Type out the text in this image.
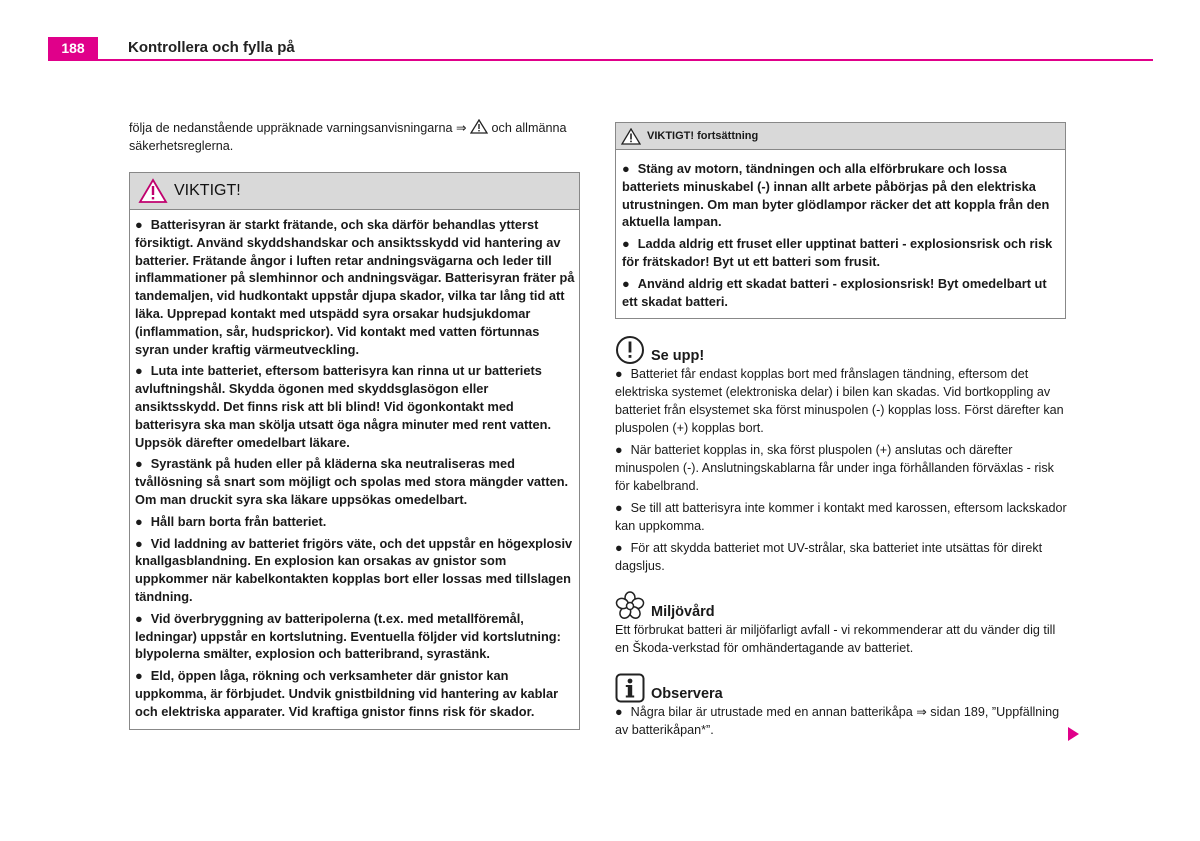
188	Kontrollera och fylla på

följa de nedanstående uppräknade varningsanvisningarna ⇒  och allmänna säkerhetsreglerna.

VIKTIGT!

● Batterisyran är starkt frätande, och ska därför behandlas ytterst försiktigt. Använd skyddshandskar och ansiktsskydd vid hantering av batterier. Frätande ångor i luften retar andningsvägarna och leder till inflammationer på slemhinnor och andningsvägar. Batterisyran fräter på tandemaljen, vid hudkontakt uppstår djupa skador, vilka tar lång tid att läka. Upprepad kontakt med utspädd syra orsakar hudsjukdomar (inflammation, sår, hudsprickor). Vid kontakt med vatten förtunnas syran under kraftig värmeutveckling.

● Luta inte batteriet, eftersom batterisyra kan rinna ut ur batteriets avluftningshål. Skydda ögonen med skyddsglasögon eller ansiktsskydd. Det finns risk att bli blind! Vid ögonkontakt med batterisyra ska man skölja utsatt öga några minuter med rent vatten. Uppsök därefter omedelbart läkare.

● Syrastänk på huden eller på kläderna ska neutraliseras med tvållösning så snart som möjligt och spolas med stora mängder vatten. Om man druckit syra ska läkare uppsökas omedelbart.

● Håll barn borta från batteriet.

● Vid laddning av batteriet frigörs väte, och det uppstår en högexplosiv knallgasblandning. En explosion kan orsakas av gnistor som uppkommer när kabelkontakten kopplas bort eller lossas med tillslagen tändning.

● Vid överbryggning av batteripolerna (t.ex. med metallföremål, ledningar) uppstår en kortslutning. Eventuella följder vid kortslutning: blypolerna smälter, explosion och batteribrand, syrastänk.

● Eld, öppen låga, rökning och verksamheter där gnistor kan uppkomma, är förbjudet. Undvik gnistbildning vid hantering av kablar och elektriska apparater. Vid kraftiga gnistor finns risk för skador.

VIKTIGT! fortsättning

● Stäng av motorn, tändningen och alla elförbrukare och lossa batteriets minuskabel (-) innan allt arbete påbörjas på den elektriska utrustningen. Om man byter glödlampor räcker det att koppla från den aktuella lampan.

● Ladda aldrig ett fruset eller upptinat batteri - explosionsrisk och risk för frätskador! Byt ut ett batteri som frusit.

● Använd aldrig ett skadat batteri - explosionsrisk! Byt omedelbart ut ett skadat batteri.

Se upp!

● Batteriet får endast kopplas bort med frånslagen tändning, eftersom det elektriska systemet (elektroniska delar) i bilen kan skadas. Vid bortkoppling av batteriet från elsystemet ska först minuspolen (-) kopplas loss. Först därefter kan pluspolen (+) kopplas bort.

● När batteriet kopplas in, ska först pluspolen (+) anslutas och därefter minuspolen (-). Anslutningskablarna får under inga förhållanden förväxlas - risk för kabelbrand.

● Se till att batterisyra inte kommer i kontakt med karossen, eftersom lackskador kan uppkomma.

● För att skydda batteriet mot UV-strålar, ska batteriet inte utsättas för direkt dagsljus.

Miljövård

Ett förbrukat batteri är miljöfarligt avfall - vi rekommenderar att du vänder dig till en Škoda-verkstad för omhändertagande av batteriet.

Observera

● Några bilar är utrustade med en annan batterikåpa ⇒ sidan 189, ”Uppfällning av batterikåpan*”.
